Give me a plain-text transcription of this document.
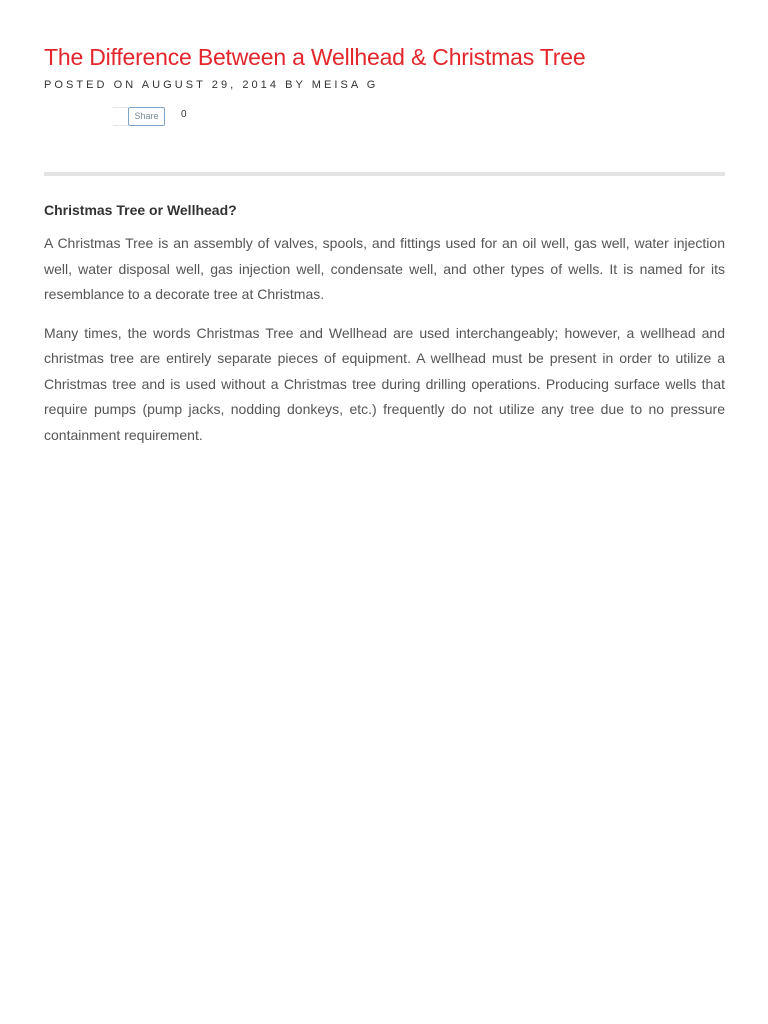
The Difference Between a Wellhead & Christmas Tree
POSTED ON AUGUST 29, 2014 BY MEISA G
Share	0
Christmas Tree or Wellhead?

A Christmas Tree is an assembly of valves, spools, and fittings used for an oil well, gas well, water injection well, water disposal well, gas injection well, condensate well, and other types of wells. It is named for its resemblance to a decorate tree at Christmas.

Many times, the words Christmas Tree and Wellhead are used interchangeably; however, a wellhead and christmas tree are entirely separate pieces of equipment. A wellhead must be present in order to utilize a Christmas tree and is used without a Christmas tree during drilling operations. Producing surface wells that require pumps (pump jacks, nodding donkeys, etc.) frequently do not utilize any tree due to no pressure containment requirement.
